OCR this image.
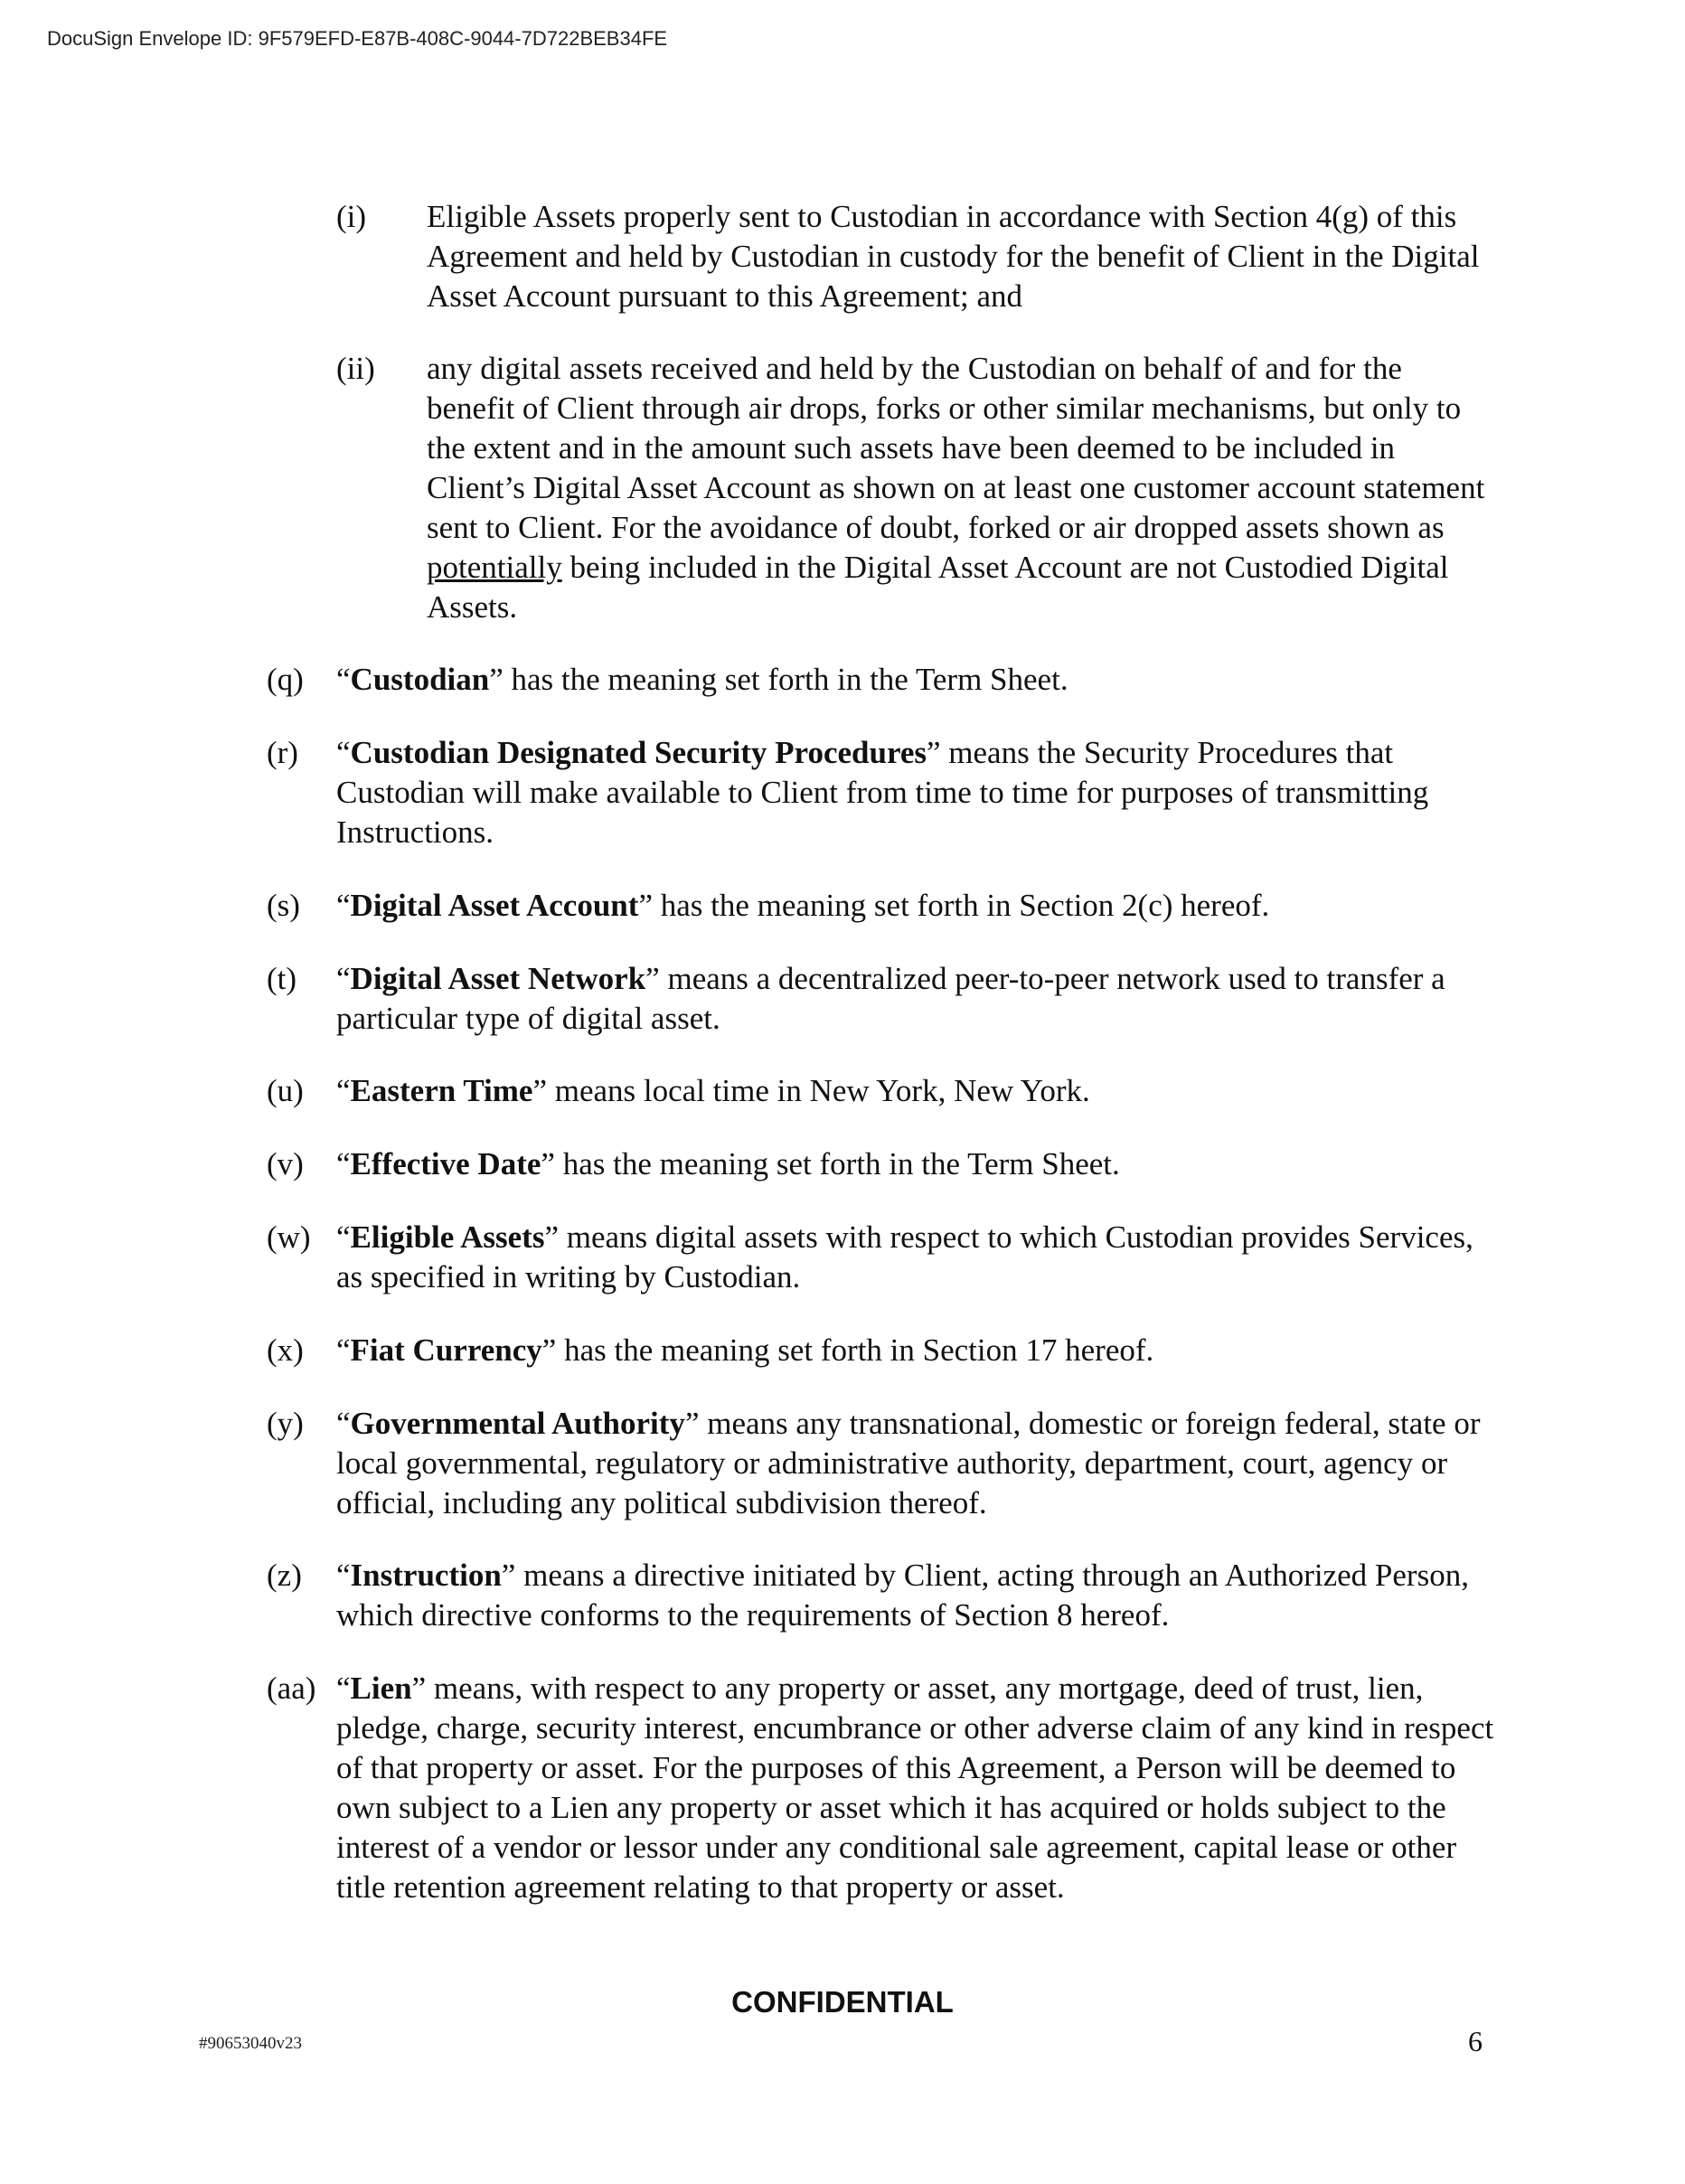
DocuSign Envelope ID: 9F579EFD-E87B-408C-9044-7D722BEB34FE
(i) Eligible Assets properly sent to Custodian in accordance with Section 4(g) of this Agreement and held by Custodian in custody for the benefit of Client in the Digital Asset Account pursuant to this Agreement; and
(ii) any digital assets received and held by the Custodian on behalf of and for the benefit of Client through air drops, forks or other similar mechanisms, but only to the extent and in the amount such assets have been deemed to be included in Client’s Digital Asset Account as shown on at least one customer account statement sent to Client. For the avoidance of doubt, forked or air dropped assets shown as potentially being included in the Digital Asset Account are not Custodied Digital Assets.
(q) “Custodian” has the meaning set forth in the Term Sheet.
(r) “Custodian Designated Security Procedures” means the Security Procedures that Custodian will make available to Client from time to time for purposes of transmitting Instructions.
(s) “Digital Asset Account” has the meaning set forth in Section 2(c) hereof.
(t) “Digital Asset Network” means a decentralized peer-to-peer network used to transfer a particular type of digital asset.
(u) “Eastern Time” means local time in New York, New York.
(v) “Effective Date” has the meaning set forth in the Term Sheet.
(w) “Eligible Assets” means digital assets with respect to which Custodian provides Services, as specified in writing by Custodian.
(x) “Fiat Currency” has the meaning set forth in Section 17 hereof.
(y) “Governmental Authority” means any transnational, domestic or foreign federal, state or local governmental, regulatory or administrative authority, department, court, agency or official, including any political subdivision thereof.
(z) “Instruction” means a directive initiated by Client, acting through an Authorized Person, which directive conforms to the requirements of Section 8 hereof.
(aa) “Lien” means, with respect to any property or asset, any mortgage, deed of trust, lien, pledge, charge, security interest, encumbrance or other adverse claim of any kind in respect of that property or asset. For the purposes of this Agreement, a Person will be deemed to own subject to a Lien any property or asset which it has acquired or holds subject to the interest of a vendor or lessor under any conditional sale agreement, capital lease or other title retention agreement relating to that property or asset.
CONFIDENTIAL
#90653040v23	6
